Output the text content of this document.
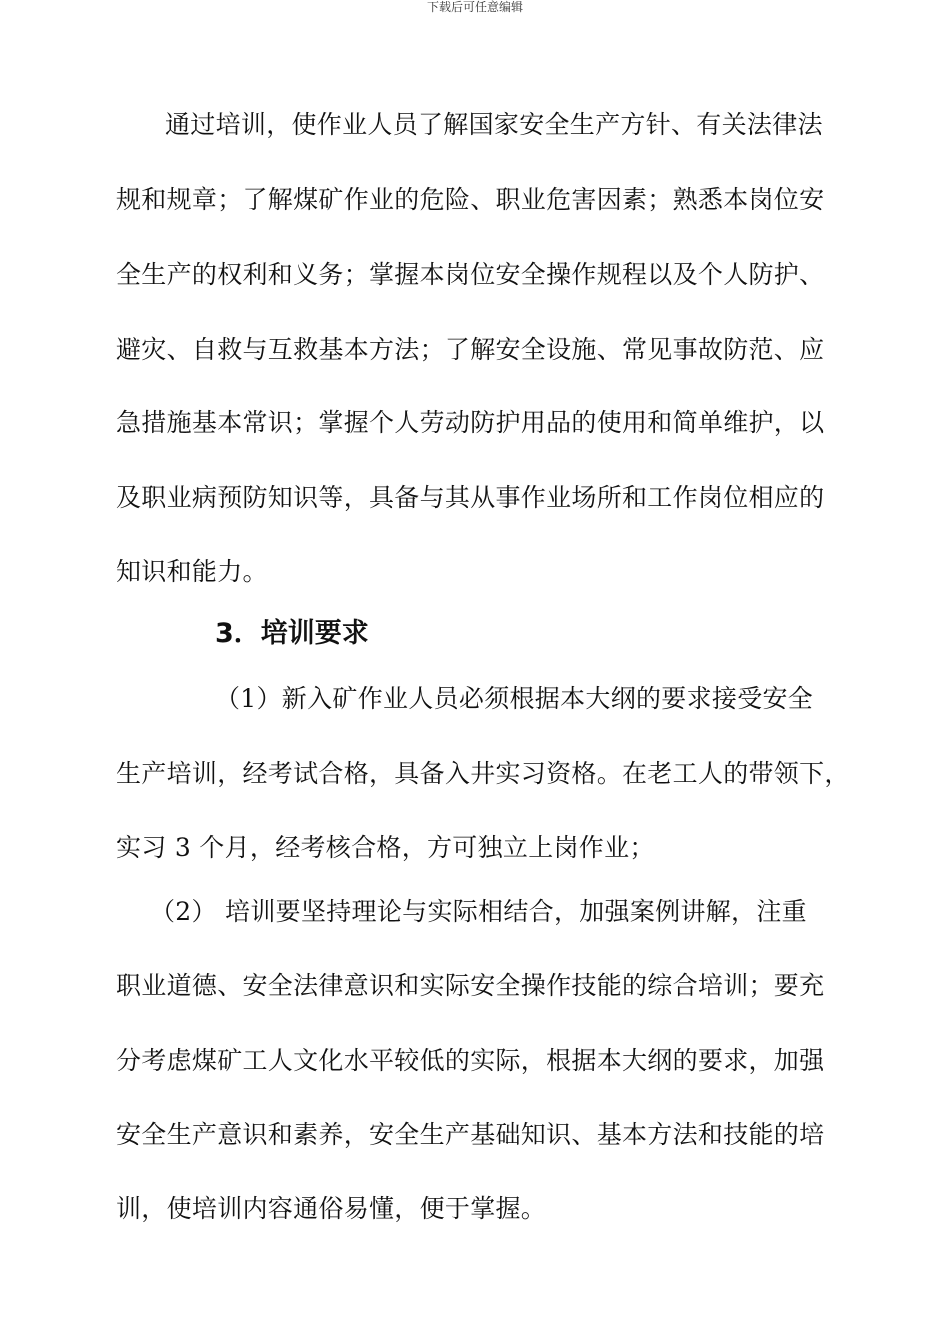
下载后可任意编辑
通过培训，使作业人员了解国家安全生产方针、有关法律法
规和规章；了解煤矿作业的危险、职业危害因素；熟悉本岗位安
全生产的权利和义务；掌握本岗位安全操作规程以及个人防护、
避灾、自救与互救基本方法；了解安全设施、常见事故防范、应
急措施基本常识；掌握个人劳动防护用品的使用和简单维护，以
及职业病预防知识等，具备与其从事作业场所和工作岗位相应的
知识和能力。
3．培训要求
（1）新入矿作业人员必须根据本大纲的要求接受安全
生产培训，经考试合格，具备入井实习资格。在老工人的带领下，
实习 3 个月，经考核合格，方可独立上岗作业；
（2） 培训要坚持理论与实际相结合，加强案例讲解，注重
职业道德、安全法律意识和实际安全操作技能的综合培训；要充
分考虑煤矿工人文化水平较低的实际，根据本大纲的要求，加强
安全生产意识和素养，安全生产基础知识、基本方法和技能的培
训，使培训内容通俗易懂，便于掌握。
